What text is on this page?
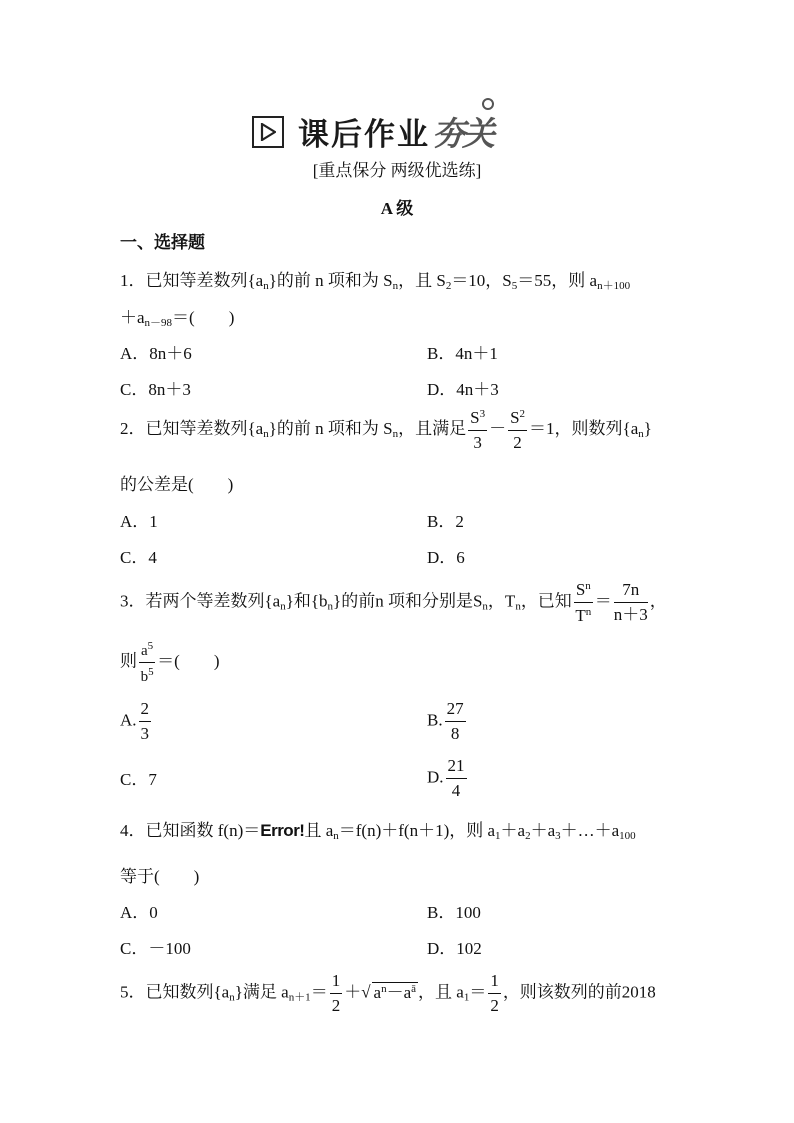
课后作业 夯关
[重点保分 两级优选练]
A 级
一、选择题
1．已知等差数列$\{a_n\}$的前 n 项和为 $S_n$，且 $S_2=10$，$S_5=55$，则 $a_{n+100}$
$+a_{n-98}=$(　　)
A．8n＋6	B．4n＋1
C．8n＋3	D．4n＋3
2．已知等差数列$\{a_n\}$的前 n 项和为 $S_n$，且满足 $\frac{S^3}{3} - \frac{S^2}{2} =1$，则数列$\{a_n\}$
的公差是(　　)
A．1	B．2
C．4	D．6
3．若两个等差数列$\{a_n\}$和$\{b_n\}$的前n 项和分别是$S_n$，$T_n$，已知 $\frac{S^n}{T^n} = \frac{7n}{n+3}$ ，
则 $\frac{a^5}{b^5}$ ＝(　　)
A. $\frac{2}{3}$	B. $\frac{27}{8}$
C．7	D. $\frac{21}{4}$
4．已知函数 f(n)＝Error!且 $a_n=f(n)+f(n+1)$，则 $a_1+a_2+a_3+\dots+a_{100}$
等于(　　)
A．0	B．100
C．－100	D．102
5．已知数列$\{a_n\}$满足 $a_{n+1}= \frac{1}{2}$ ＋√ $a^n-a^ā$ ，且 $a_1= \frac{1}{2}$ ，则该数列的前2018
